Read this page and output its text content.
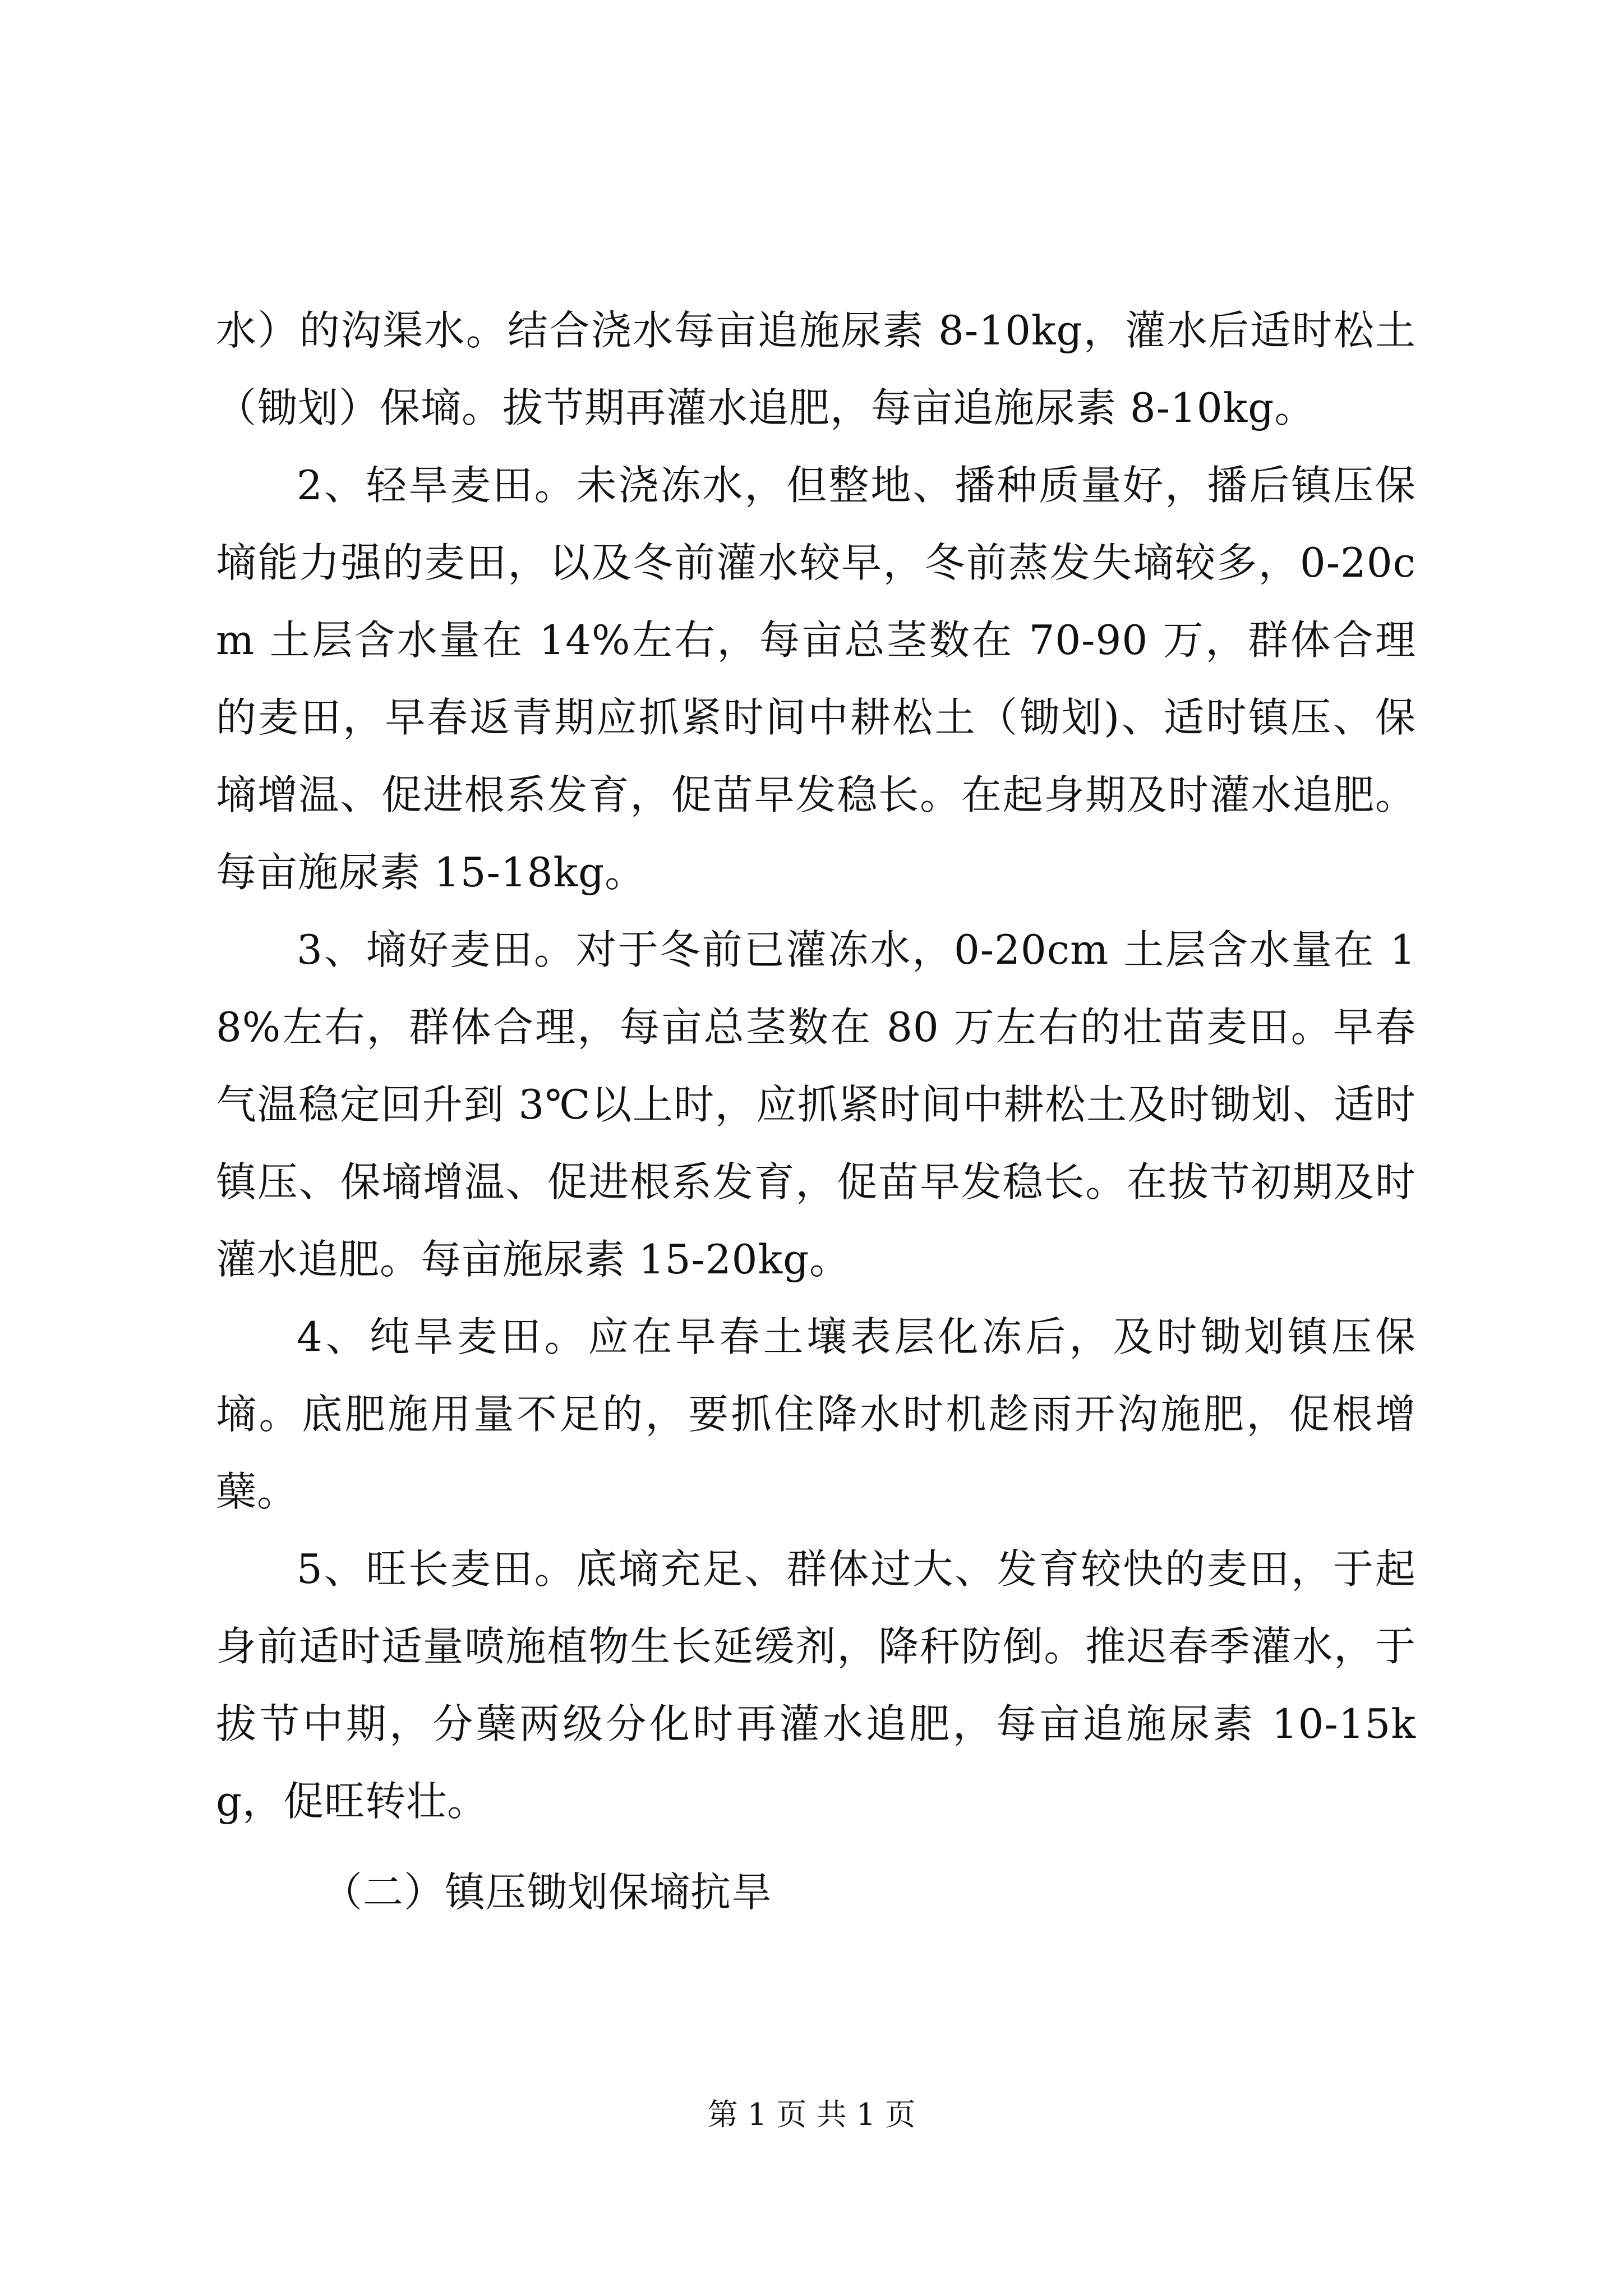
水）的沟渠水。结合浇水每亩追施尿素 8-10kg，灌水后适时松土（锄划）保墒。拔节期再灌水追肥，每亩追施尿素 8-10kg。

2、轻旱麦田。未浇冻水，但整地、播种质量好，播后镇压保墒能力强的麦田，以及冬前灌水较早，冬前蒸发失墒较多，0-20cm 土层含水量在 14%左右，每亩总茎数在 70-90 万，群体合理的麦田，早春返青期应抓紧时间中耕松土（锄划)、适时镇压、保墒增温、促进根系发育，促苗早发稳长。在起身期及时灌水追肥。每亩施尿素 15-18kg。

3、墒好麦田。对于冬前已灌冻水，0-20cm 土层含水量在 18%左右，群体合理，每亩总茎数在 80 万左右的壮苗麦田。早春气温稳定回升到 3℃以上时，应抓紧时间中耕松土及时锄划、适时镇压、保墒增温、促进根系发育，促苗早发稳长。在拔节初期及时灌水追肥。每亩施尿素 15-20kg。

4、纯旱麦田。应在早春土壤表层化冻后，及时锄划镇压保墒。底肥施用量不足的，要抓住降水时机趁雨开沟施肥，促根增蘖。

5、旺长麦田。底墒充足、群体过大、发育较快的麦田，于起身前适时适量喷施植物生长延缓剂，降秆防倒。推迟春季灌水，于拔节中期，分蘖两级分化时再灌水追肥，每亩追施尿素 10-15kg，促旺转壮。

（二）镇压锄划保墒抗旱

第 1 页 共 1 页
